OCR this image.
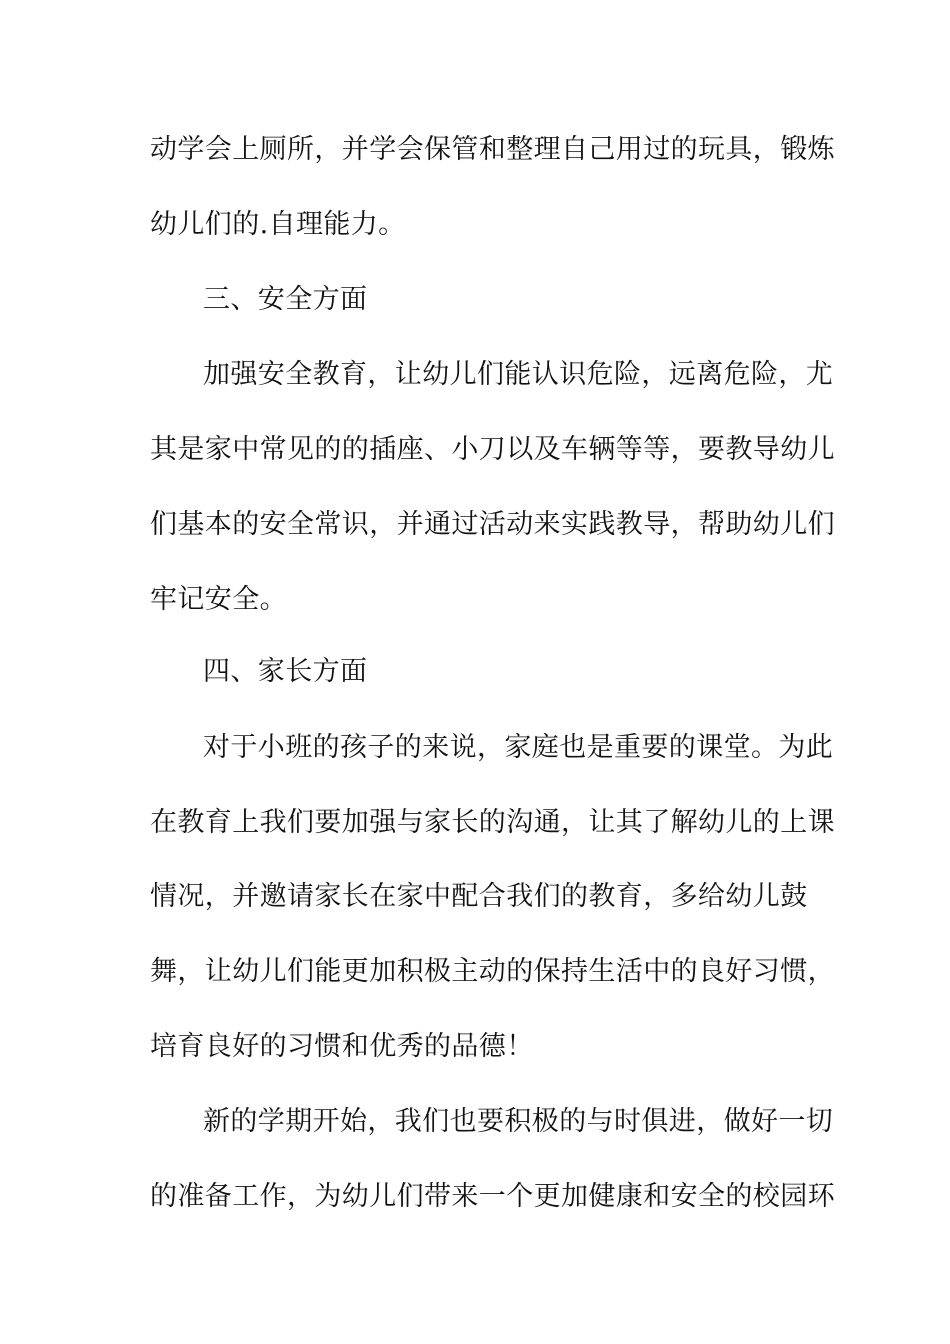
动学会上厕所，并学会保管和整理自己用过的玩具，锻炼
幼儿们的.自理能力。
三、安全方面
加强安全教育，让幼儿们能认识危险，远离危险，尤
其是家中常见的的插座、小刀以及车辆等等，要教导幼儿
们基本的安全常识，并通过活动来实践教导，帮助幼儿们
牢记安全。
四、家长方面
对于小班的孩子的来说，家庭也是重要的课堂。为此
在教育上我们要加强与家长的沟通，让其了解幼儿的上课
情况，并邀请家长在家中配合我们的教育，多给幼儿鼓
舞，让幼儿们能更加积极主动的保持生活中的良好习惯，
培育良好的习惯和优秀的品德！
新的学期开始，我们也要积极的与时俱进，做好一切
的准备工作，为幼儿们带来一个更加健康和安全的校园环
